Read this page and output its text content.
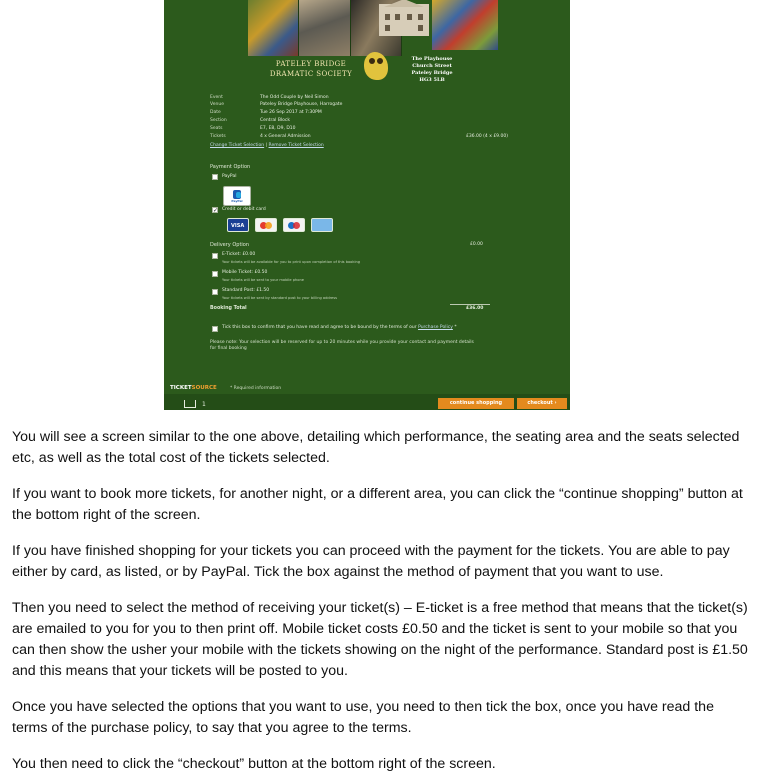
PATELEY BRIDGE
DRAMATIC SOCIETY
The Playhouse
Church Street
Pateley Bridge
HG3 5LB
Event	The Odd Couple by Neil Simon
Venue	Pateley Bridge Playhouse, Harrogate
Date	Tue 26 Sep 2017 at 7:30PM
Section	Central Block
Seats	E7, E8, D9, D10
Tickets	4 x General Admission	£36.00 (4 x £9.00)
Change Ticket Selection | Remove Ticket Selection
Payment Option
PayPal
PayPal
✓ Credit or debit card
VISA
Delivery Option	£0.00
E-Ticket: £0.00
Your tickets will be available for you to print upon completion of this booking
Mobile Ticket: £0.50
Your tickets will be sent to your mobile phone
Standard Post: £1.50
Your tickets will be sent by standard post to your billing address
Booking Total	£36.00
Tick this box to confirm that you have read and agree to be bound by the terms of our Purchase Policy *
Please note: Your selection will be reserved for up to 20 minutes while you provide your contact and payment details
for final booking
TICKETSOURCE	* Required information
1	continue shopping	checkout ›

You will see a screen similar to the one above, detailing which performance, the seating area and the seats selected etc, as well as the total cost of the tickets selected.

If you want to book more tickets, for another night, or a different area, you can click the “continue shopping” button at the bottom right of the screen.

If you have finished shopping for your tickets you can proceed with the payment for the tickets. You are able to pay either by card, as listed, or by PayPal. Tick the box against the method of payment that you want to use.

Then you need to select the method of receiving your ticket(s) – E-ticket is a free method that means that the ticket(s) are emailed to you for you to then print off. Mobile ticket costs £0.50 and the ticket is sent to your mobile so that you can then show the usher your mobile with the tickets showing on the night of the performance. Standard post is £1.50 and this means that your tickets will be posted to you.

Once you have selected the options that you want to use, you need to then tick the box, once you have read the terms of the purchase policy, to say that you agree to the terms.

You then need to click the “checkout” button at the bottom right of the screen.
